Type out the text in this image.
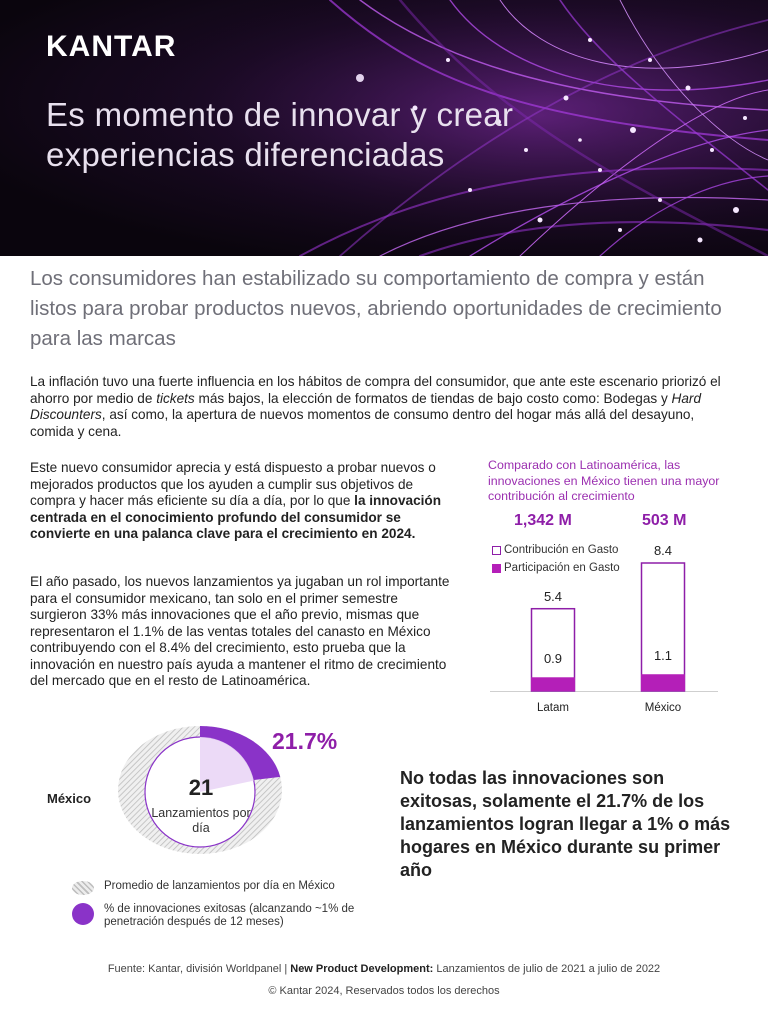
KANTAR
Es momento de innovar y crear experiencias diferenciadas

Los consumidores han estabilizado su comportamiento de compra y están listos para probar productos nuevos, abriendo oportunidades de crecimiento para las marcas

La inflación tuvo una fuerte influencia en los hábitos de compra del consumidor, que ante este escenario priorizó el ahorro por medio de tickets más bajos, la elección de formatos de tiendas de bajo costo como: Bodegas y Hard Discounters, así como, la apertura de nuevos momentos de consumo dentro del hogar más allá del desayuno, comida y cena.

Este nuevo consumidor aprecia y está dispuesto a probar nuevos o mejorados productos que los ayuden a cumplir sus objetivos de compra y hacer más eficiente su día a día, por lo que la innovación centrada en el conocimiento profundo del consumidor se convierte en una palanca clave para el crecimiento en 2024.

El año pasado, los nuevos lanzamientos ya jugaban un rol importante para el consumidor mexicano, tan solo en el primer semestre surgieron 33% más innovaciones que el año previo, mismas que representaron el 1.1% de las ventas totales del canasto en México contribuyendo con el 8.4% del crecimiento, esto prueba que la innovación en nuestro país ayuda a mantener el ritmo de crecimiento del mercado que en el resto de Latinoamérica.

Comparado con Latinoamérica, las innovaciones en México tienen una mayor contribución al crecimiento
1,342 M	503 M
Contribución en Gasto
Participación en Gasto
5.4
0.9
Latam
8.4
1.1
México
21.7%
México	21
Lanzamientos por día
No todas las innovaciones son exitosas, solamente el 21.7% de los lanzamientos logran llegar a 1% o más hogares en México durante su primer año
Promedio de lanzamientos por día en México
% de innovaciones exitosas (alcanzando ~1% de penetración después de 12 meses)
Fuente: Kantar, división Worldpanel | New Product Development: Lanzamientos de julio de 2021 a julio de 2022
© Kantar 2024, Reservados todos los derechos
